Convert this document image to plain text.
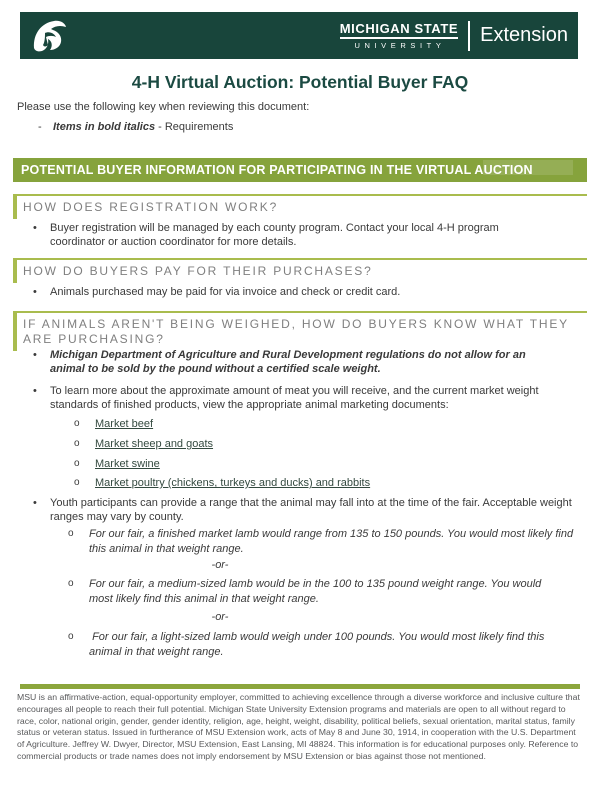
MICHIGAN STATE
UNIVERSITY	Extension
4-H Virtual Auction: Potential Buyer FAQ
Please use the following key when reviewing this document:
- Items in bold italics - Requirements
POTENTIAL BUYER INFORMATION FOR PARTICIPATING IN THE VIRTUAL AUCTION
HOW DOES REGISTRATION WORK?
•	Buyer registration will be managed by each county program. Contact your local 4-H program coordinator or auction coordinator for more details.
HOW DO BUYERS PAY FOR THEIR PURCHASES?
•	Animals purchased may be paid for via invoice and check or credit card.
IF ANIMALS AREN'T BEING WEIGHED, HOW DO BUYERS KNOW WHAT THEY ARE PURCHASING?
•	Michigan Department of Agriculture and Rural Development regulations do not allow for an animal to be sold by the pound without a certified scale weight.
•	To learn more about the approximate amount of meat you will receive, and the current market weight standards of finished products, view the appropriate animal marketing documents:
o	Market beef
o	Market sheep and goats
o	Market swine
o	Market poultry (chickens, turkeys and ducks) and rabbits
•	Youth participants can provide a range that the animal may fall into at the time of the fair. Acceptable weight ranges may vary by county.
o	For our fair, a finished market lamb would range from 135 to 150 pounds. You would most likely find this animal in that weight range.
-or-
o	For our fair, a medium-sized lamb would be in the 100 to 135 pound weight range. You would most likely find this animal in that weight range.
-or-
o	For our fair, a light-sized lamb would weigh under 100 pounds. You would most likely find this animal in that weight range.
MSU is an affirmative-action, equal-opportunity employer, committed to achieving excellence through a diverse workforce and inclusive culture that encourages all people to reach their full potential. Michigan State University Extension programs and materials are open to all without regard to race, color, national origin, gender, gender identity, religion, age, height, weight, disability, political beliefs, sexual orientation, marital status, family status or veteran status. Issued in furtherance of MSU Extension work, acts of May 8 and June 30, 1914, in cooperation with the U.S. Department of Agriculture. Jeffrey W. Dwyer, Director, MSU Extension, East Lansing, MI 48824. This information is for educational purposes only. Reference to commercial products or trade names does not imply endorsement by MSU Extension or bias against those not mentioned.
